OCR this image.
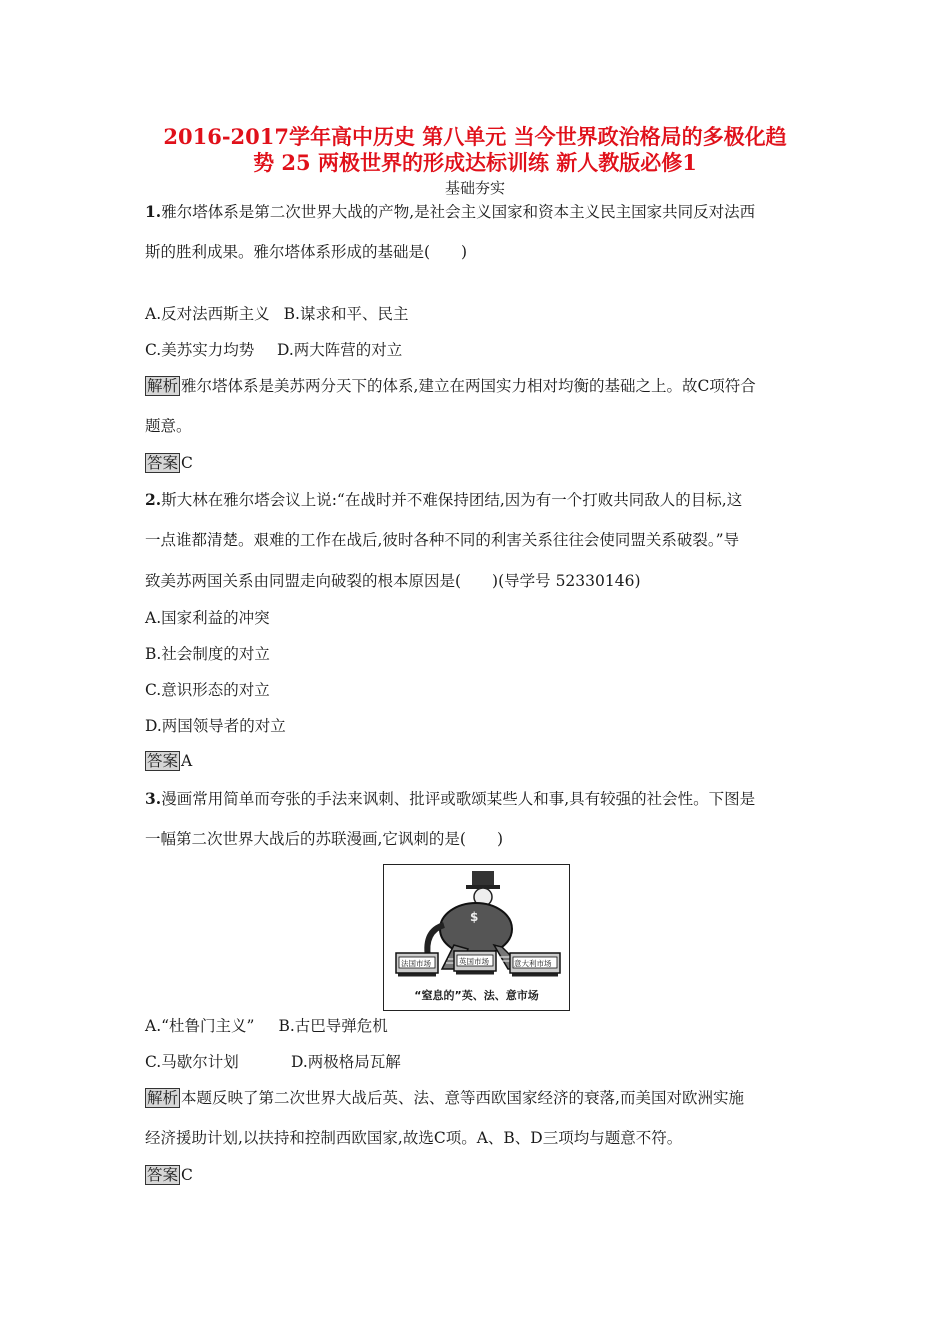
2016-2017学年高中历史 第八单元 当今世界政治格局的多极化趋
势 25 两极世界的形成达标训练 新人教版必修1
基础夯实
1.雅尔塔体系是第二次世界大战的产物,是社会主义国家和资本主义民主国家共同反对法西
斯的胜利成果。雅尔塔体系形成的基础是(　　)
A.反对法西斯主义 B.谋求和平、民主
C.美苏实力均势 D.两大阵营的对立
解析 雅尔塔体系是美苏两分天下的体系,建立在两国实力相对均衡的基础之上。故C项符合
题意。
答案 C
2.斯大林在雅尔塔会议上说:“在战时并不难保持团结,因为有一个打败共同敌人的目标,这
一点谁都清楚。艰难的工作在战后,彼时各种不同的利害关系往往会使同盟关系破裂。”导
致美苏两国关系由同盟走向破裂的根本原因是(　　)(导学号 52330146)
A.国家利益的冲突
B.社会制度的对立
C.意识形态的对立
D.两国领导者的对立
答案 A
3.漫画常用简单而夸张的手法来讽刺、批评或歌颂某些人和事,具有较强的社会性。下图是
一幅第二次世界大战后的苏联漫画,它讽刺的是(　　)
$
法国市场	英国市场	意大利市场
“窒息的”英、法、意市场
A.“杜鲁门主义” B.古巴导弹危机
C.马歇尔计划	D.两极格局瓦解
解析 本题反映了第二次世界大战后英、法、意等西欧国家经济的衰落,而美国对欧洲实施
经济援助计划,以扶持和控制西欧国家,故选C项。A、B、D三项均与题意不符。
答案 C
